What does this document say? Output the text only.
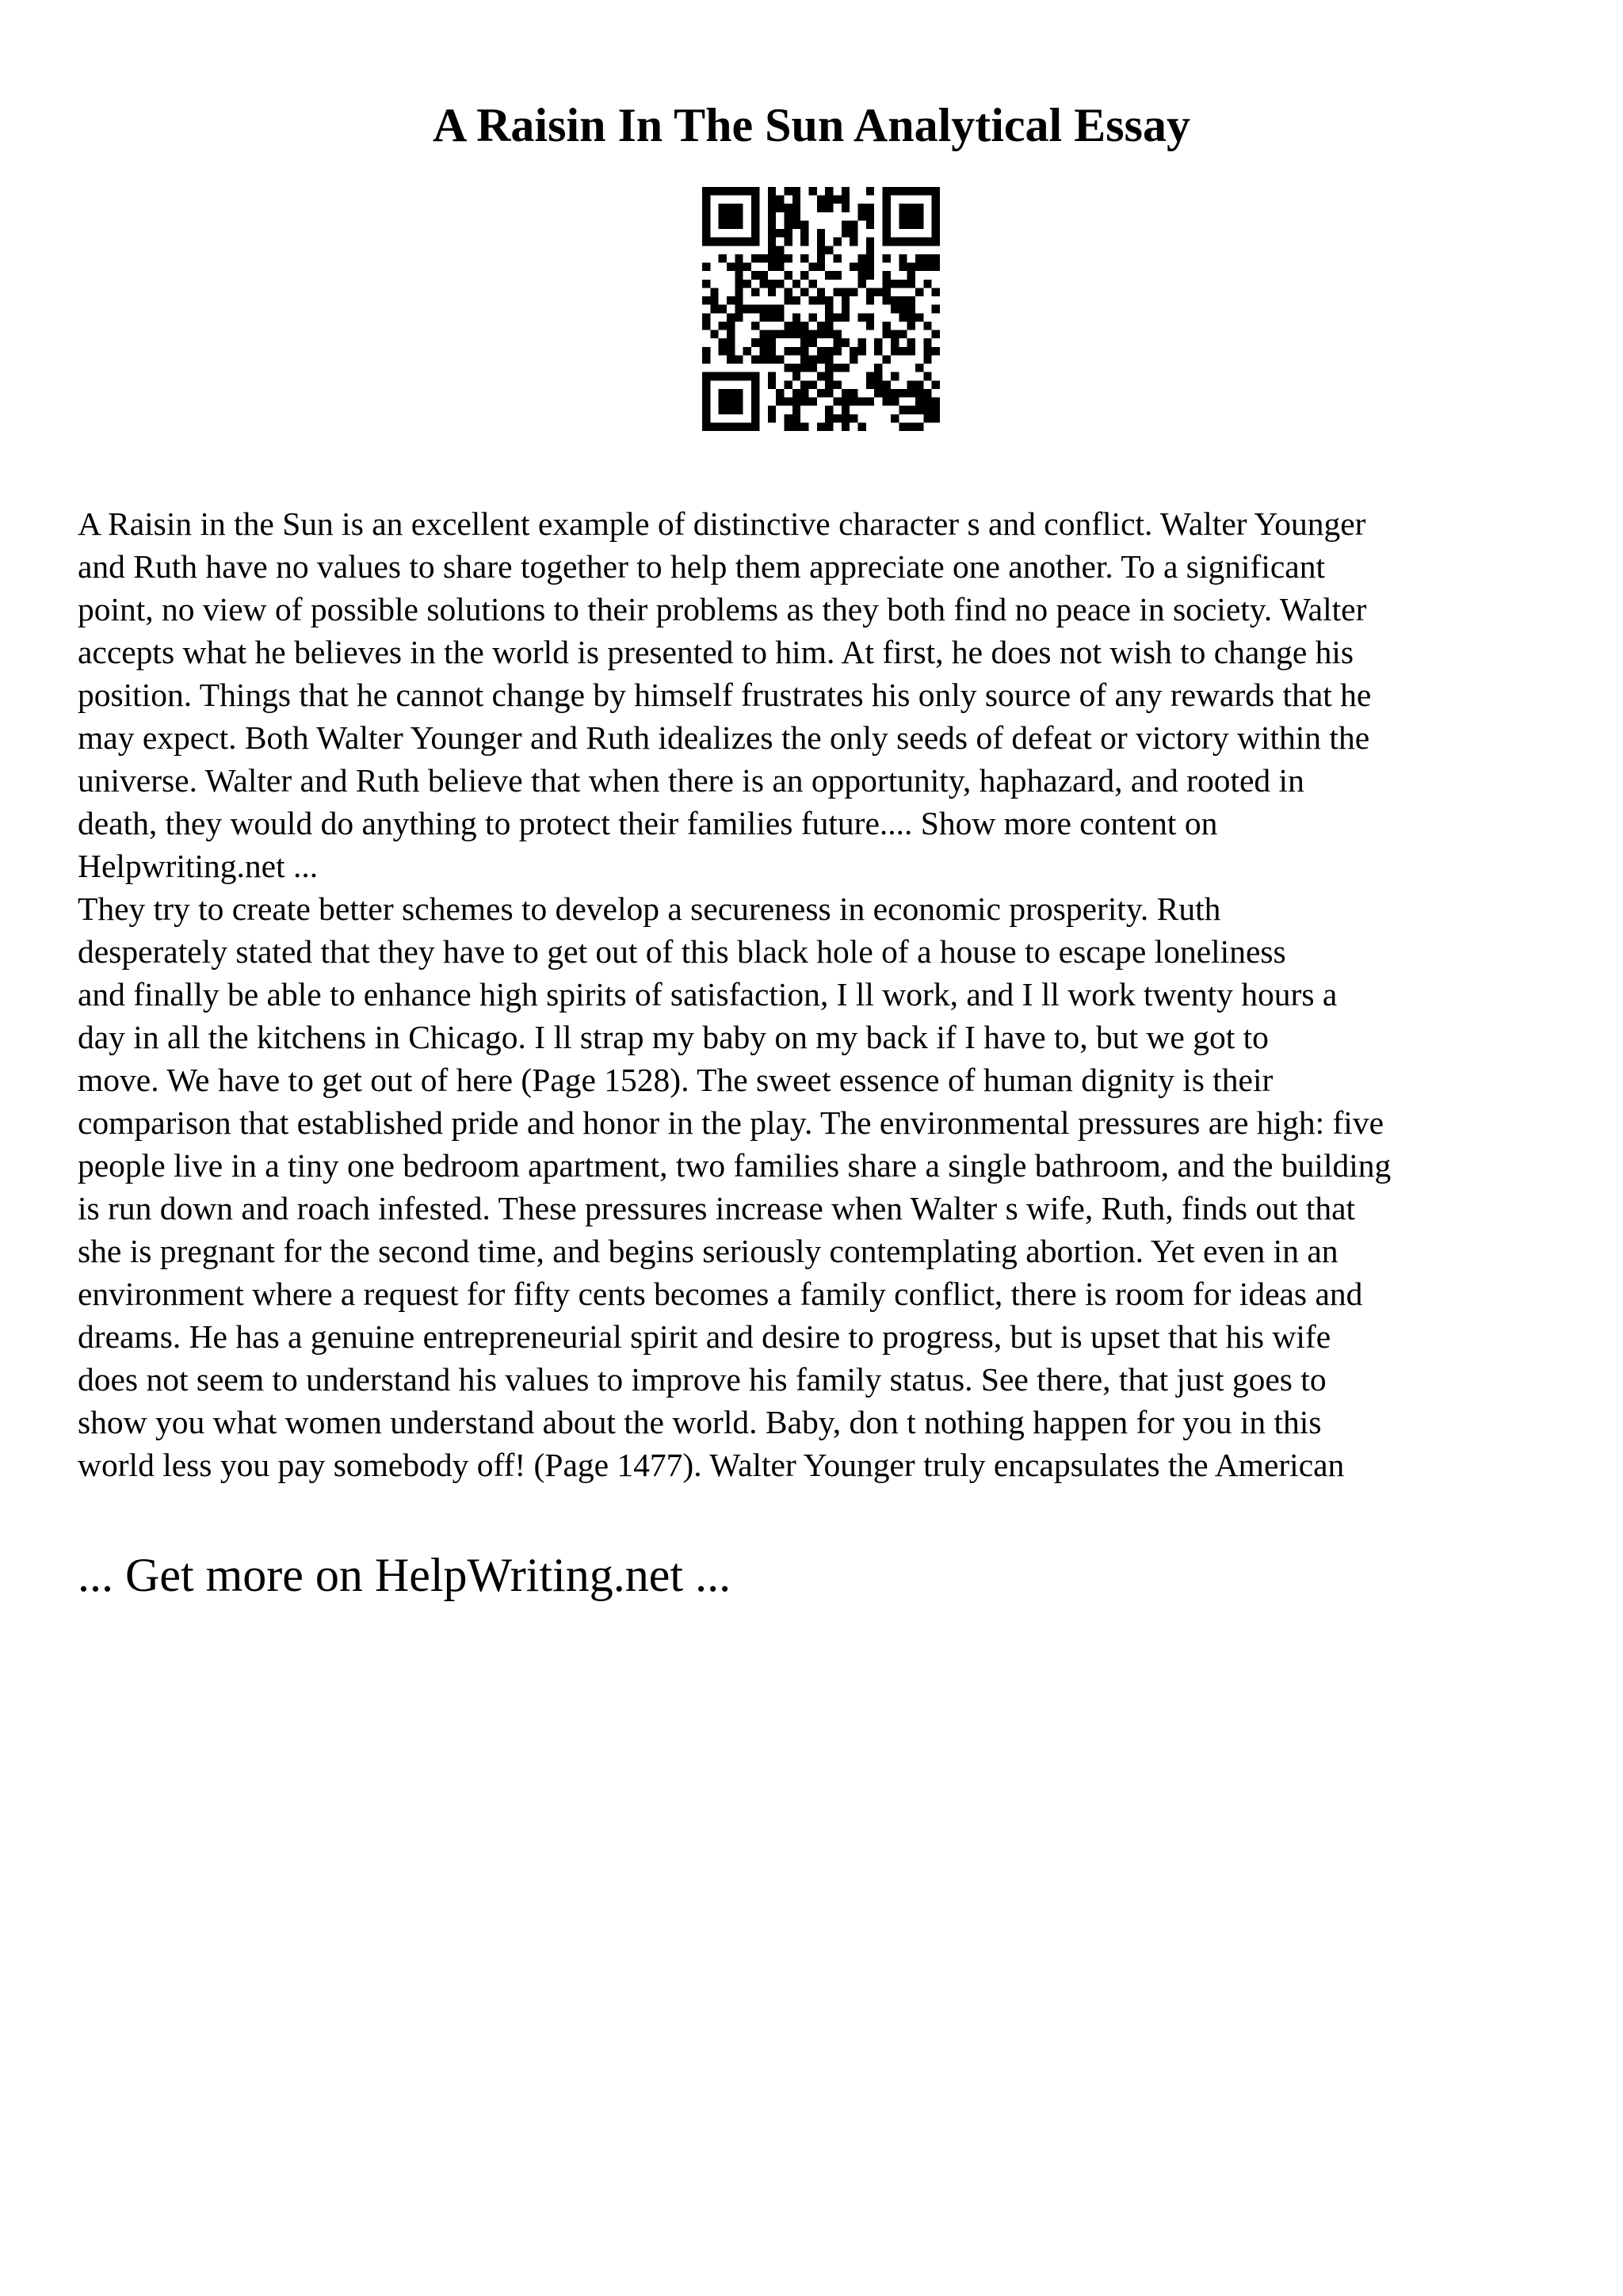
A Raisin In The Sun Analytical Essay
A Raisin in the Sun is an excellent example of distinctive character s and conflict. Walter Younger
and Ruth have no values to share together to help them appreciate one another. To a significant
point, no view of possible solutions to their problems as they both find no peace in society. Walter
accepts what he believes in the world is presented to him. At first, he does not wish to change his
position. Things that he cannot change by himself frustrates his only source of any rewards that he
may expect. Both Walter Younger and Ruth idealizes the only seeds of defeat or victory within the
universe. Walter and Ruth believe that when there is an opportunity, haphazard, and rooted in
death, they would do anything to protect their families future.... Show more content on
Helpwriting.net ...
They try to create better schemes to develop a secureness in economic prosperity. Ruth
desperately stated that they have to get out of this black hole of a house to escape loneliness
and finally be able to enhance high spirits of satisfaction, I ll work, and I ll work twenty hours a
day in all the kitchens in Chicago. I ll strap my baby on my back if I have to, but we got to
move. We have to get out of here (Page 1528). The sweet essence of human dignity is their
comparison that established pride and honor in the play. The environmental pressures are high: five
people live in a tiny one bedroom apartment, two families share a single bathroom, and the building
is run down and roach infested. These pressures increase when Walter s wife, Ruth, finds out that
she is pregnant for the second time, and begins seriously contemplating abortion. Yet even in an
environment where a request for fifty cents becomes a family conflict, there is room for ideas and
dreams. He has a genuine entrepreneurial spirit and desire to progress, but is upset that his wife
does not seem to understand his values to improve his family status. See there, that just goes to
show you what women understand about the world. Baby, don t nothing happen for you in this
world less you pay somebody off! (Page 1477). Walter Younger truly encapsulates the American
... Get more on HelpWriting.net ...
